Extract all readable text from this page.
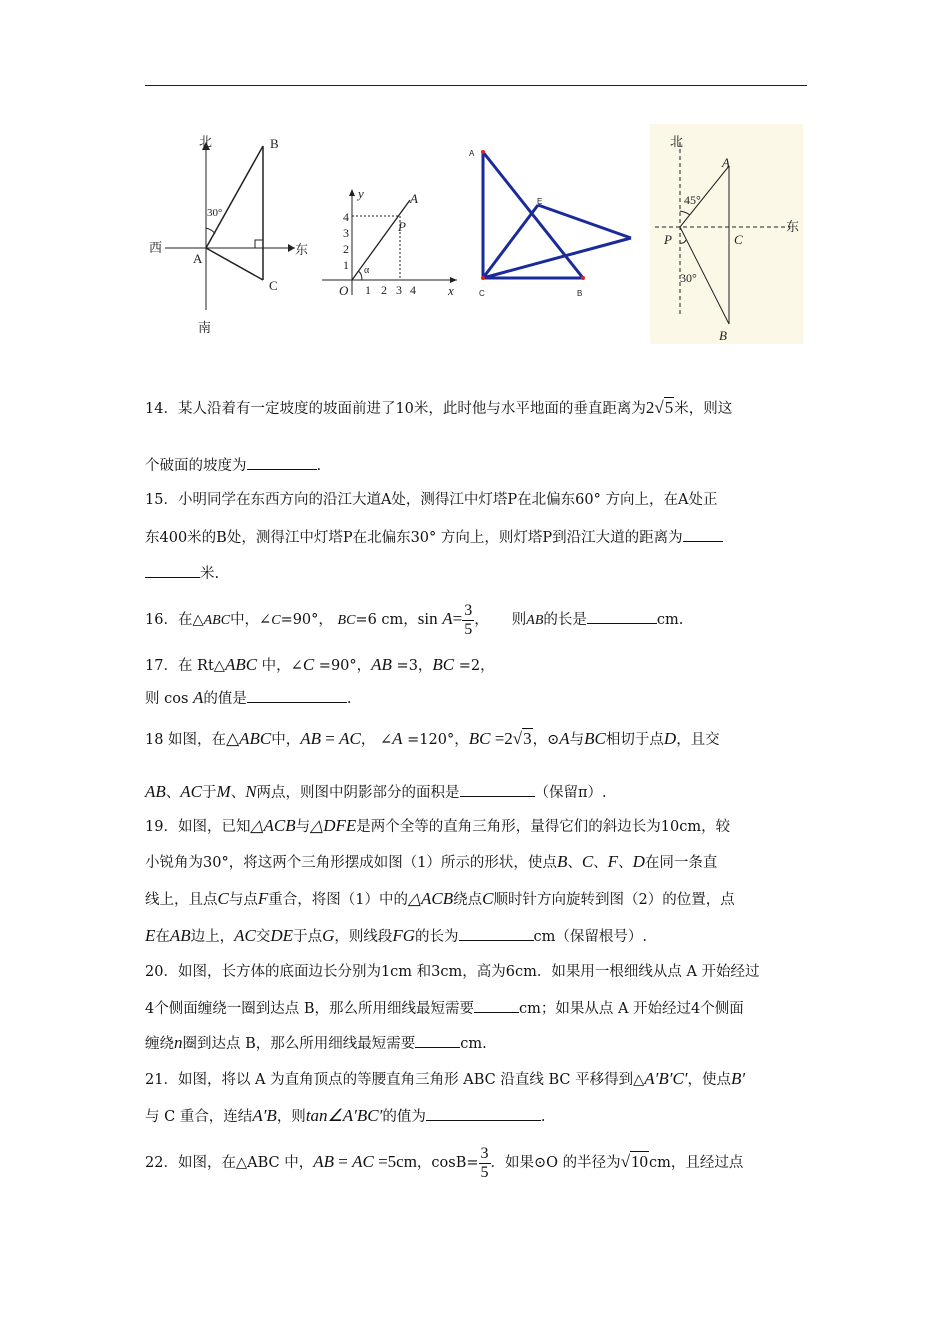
北
南
西	东
A
B
C
30°
y
x
O
A
P
α
1
2
3
4
1 2 3 4
A
E
C	B
北
东
A
P	C
B
45°
30°
14．某人沿着有一定坡度的坡面前进了10米，此时他与水平地面的垂直距离为2√5米，则这
个破面的坡度为	.
15．小明同学在东西方向的沿江大道A处，测得江中灯塔P在北偏东60° 方向上，在A处正
东400米的B处，测得江中灯塔P在北偏东30° 方向上，则灯塔P到沿江大道的距离为
米.
16．在△ABC中，∠C=90°， BC=6 cm，$\sin A= \frac{3}{5}$ ， 则AB的长是	cm.
17．在 Rt△ABC 中，∠C =90°，AB =3，BC =2，
则 cos A的值是	.
18 如图，在△ABC中，AB = AC， ∠A =120°，BC =2√3，⊙A与BC相切于点D，且交
AB、AC于M、N两点，则图中阴影部分的面积是	（保留π）.
19．如图，已知△ACB与△DFE是两个全等的直角三角形，量得它们的斜边长为10cm，较
小锐角为30°，将这两个三角形摆成如图（1）所示的形状，使点B、C、F、D在同一条直
线上，且点C与点F重合，将图（1）中的△ACB绕点C顺时针方向旋转到图（2）的位置，点
E在AB边上，AC交DE于点G，则线段FG的长为	cm（保留根号）.
20．如图，长方体的底面边长分别为1cm 和3cm，高为6cm．如果用一根细线从点 A 开始经过
4个侧面缠绕一圈到达点 B，那么所用细线最短需要	cm；如果从点 A 开始经过4个侧面
缠绕n圈到达点 B，那么所用细线最短需要	cm.
21．如图，将以 A 为直角顶点的等腰直角三角形 ABC 沿直线 BC 平移得到△A′B′C′，使点B′
与 C 重合，连结A′B，则tan∠A′BC′的值为	.
22．如图，在△ABC 中，AB = AC =5cm，$\cos B= \frac{3}{5}$ ．如果⊙O 的半径为√10cm，且经过点
